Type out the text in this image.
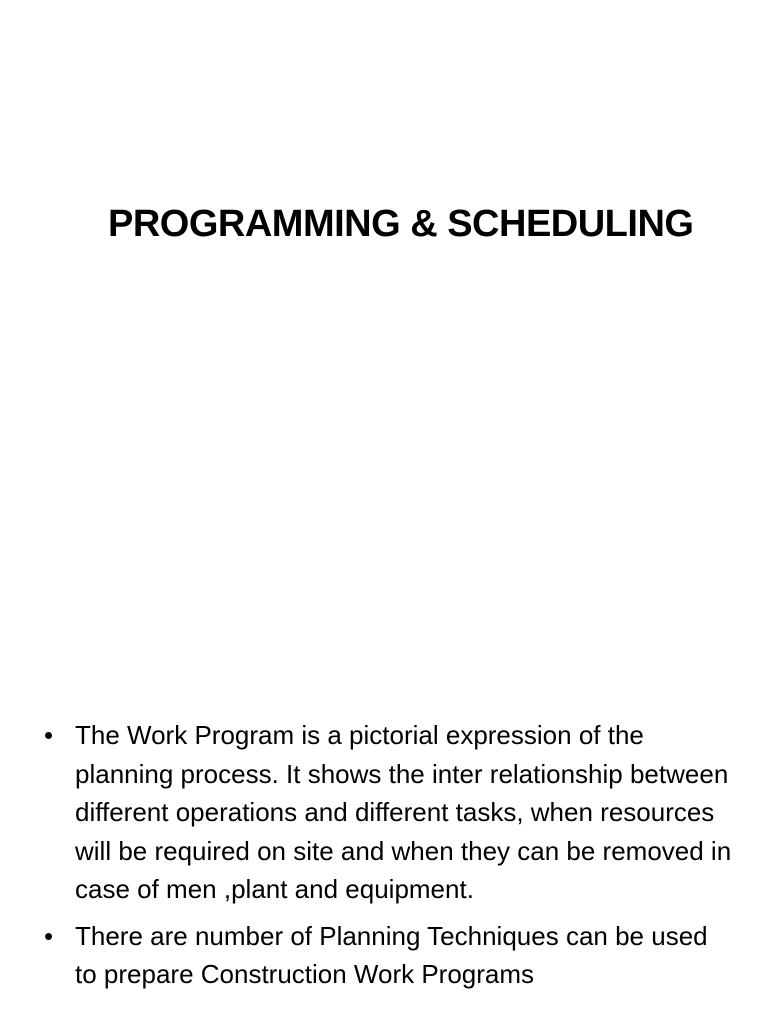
PROGRAMMING & SCHEDULING
• The Work Program is a pictorial expression of the planning process. It shows the inter relationship between different operations and different tasks, when resources will be required on site and when they can be removed in case of men ,plant and equipment.
• There are number of Planning Techniques can be used to prepare Construction Work Programs
